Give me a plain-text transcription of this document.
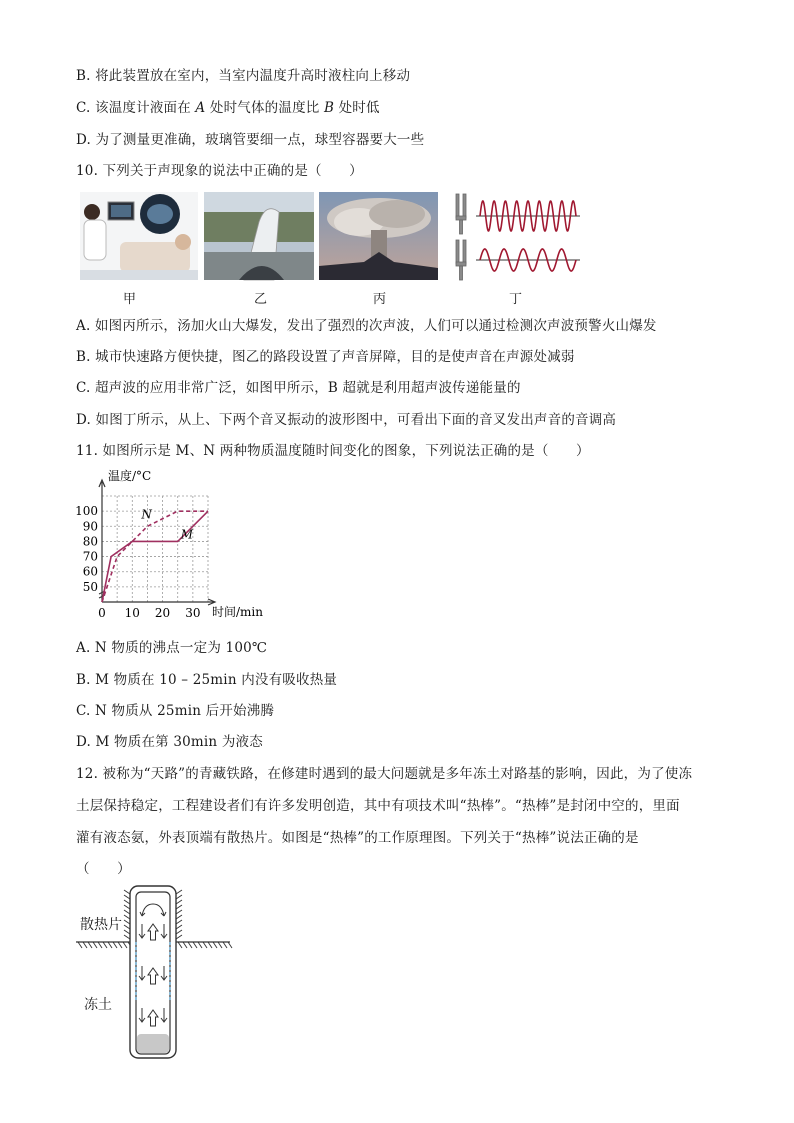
B. 将此装置放在室内，当室内温度升高时液柱向上移动
C. 该温度计液面在 A 处时气体的温度比 B 处时低
D. 为了测量更准确，玻璃管要细一点，球型容器要大一些
10. 下列关于声现象的说法中正确的是（　　）
甲	乙	丙	丁
A. 如图丙所示，汤加火山大爆发，发出了强烈的次声波，人们可以通过检测次声波预警火山爆发
B. 城市快速路方便快捷，图乙的路段设置了声音屏障，目的是使声音在声源处减弱
C. 超声波的应用非常广泛，如图甲所示，B 超就是利用超声波传递能量的
D. 如图丁所示，从上、下两个音叉振动的波形图中，可看出下面的音叉发出声音的音调高
11. 如图所示是 M、N 两种物质温度随时间变化的图象，下列说法正确的是（　　）
50
60
70
80
90
100
0 10 20 30
N
M
温度/°C
时间/min
A. N 物质的沸点一定为 100℃
B. M 物质在 10 – 25min 内没有吸收热量
C. N 物质从 25min 后开始沸腾
D. M 物质在第 30min 为液态
12. 被称为“天路”的青藏铁路，在修建时遇到的最大问题就是多年冻土对路基的影响，因此，为了使冻
土层保持稳定，工程建设者们有许多发明创造，其中有项技术叫“热棒”。“热棒”是封闭中空的，里面
灌有液态氨，外表顶端有散热片。如图是“热棒”的工作原理图。下列关于“热棒”说法正确的是
（　　）
散热片
冻土
